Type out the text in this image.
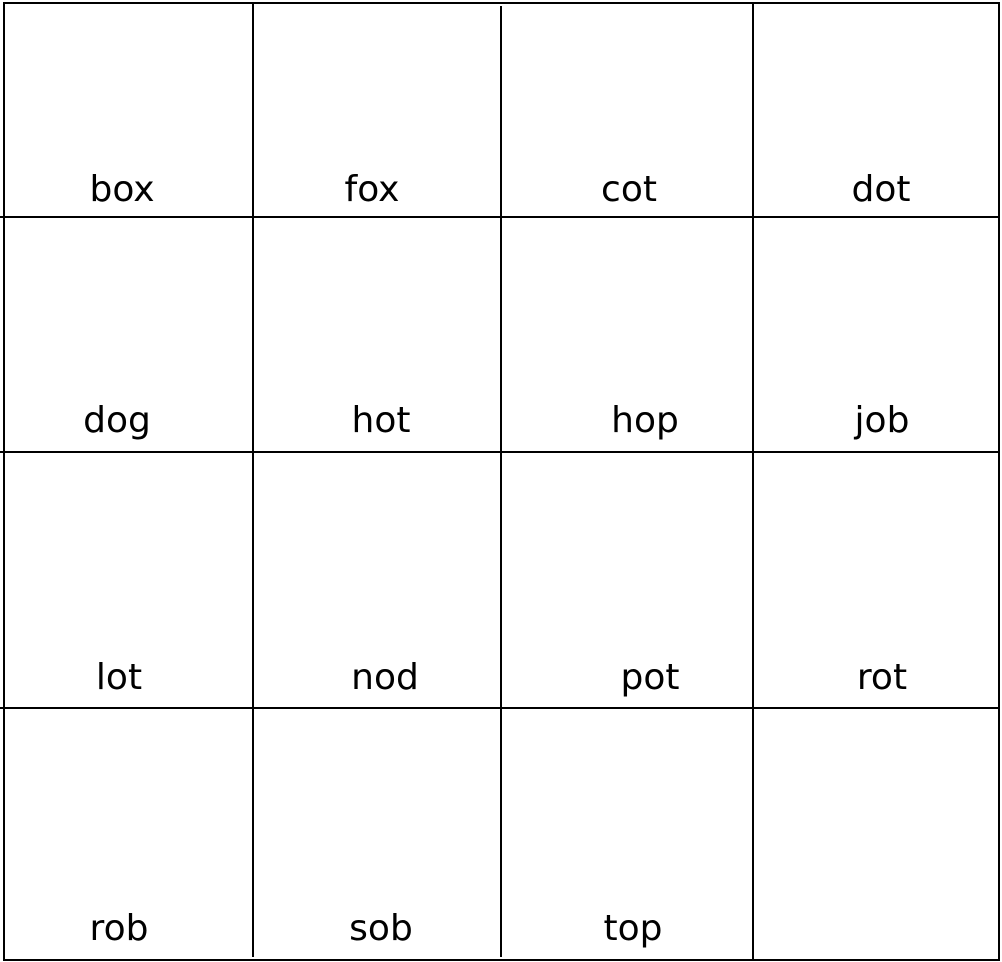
box	fox	cot	dot
dog	hot	hop	job
lot	nod	pot	rot
rob	sob	top
